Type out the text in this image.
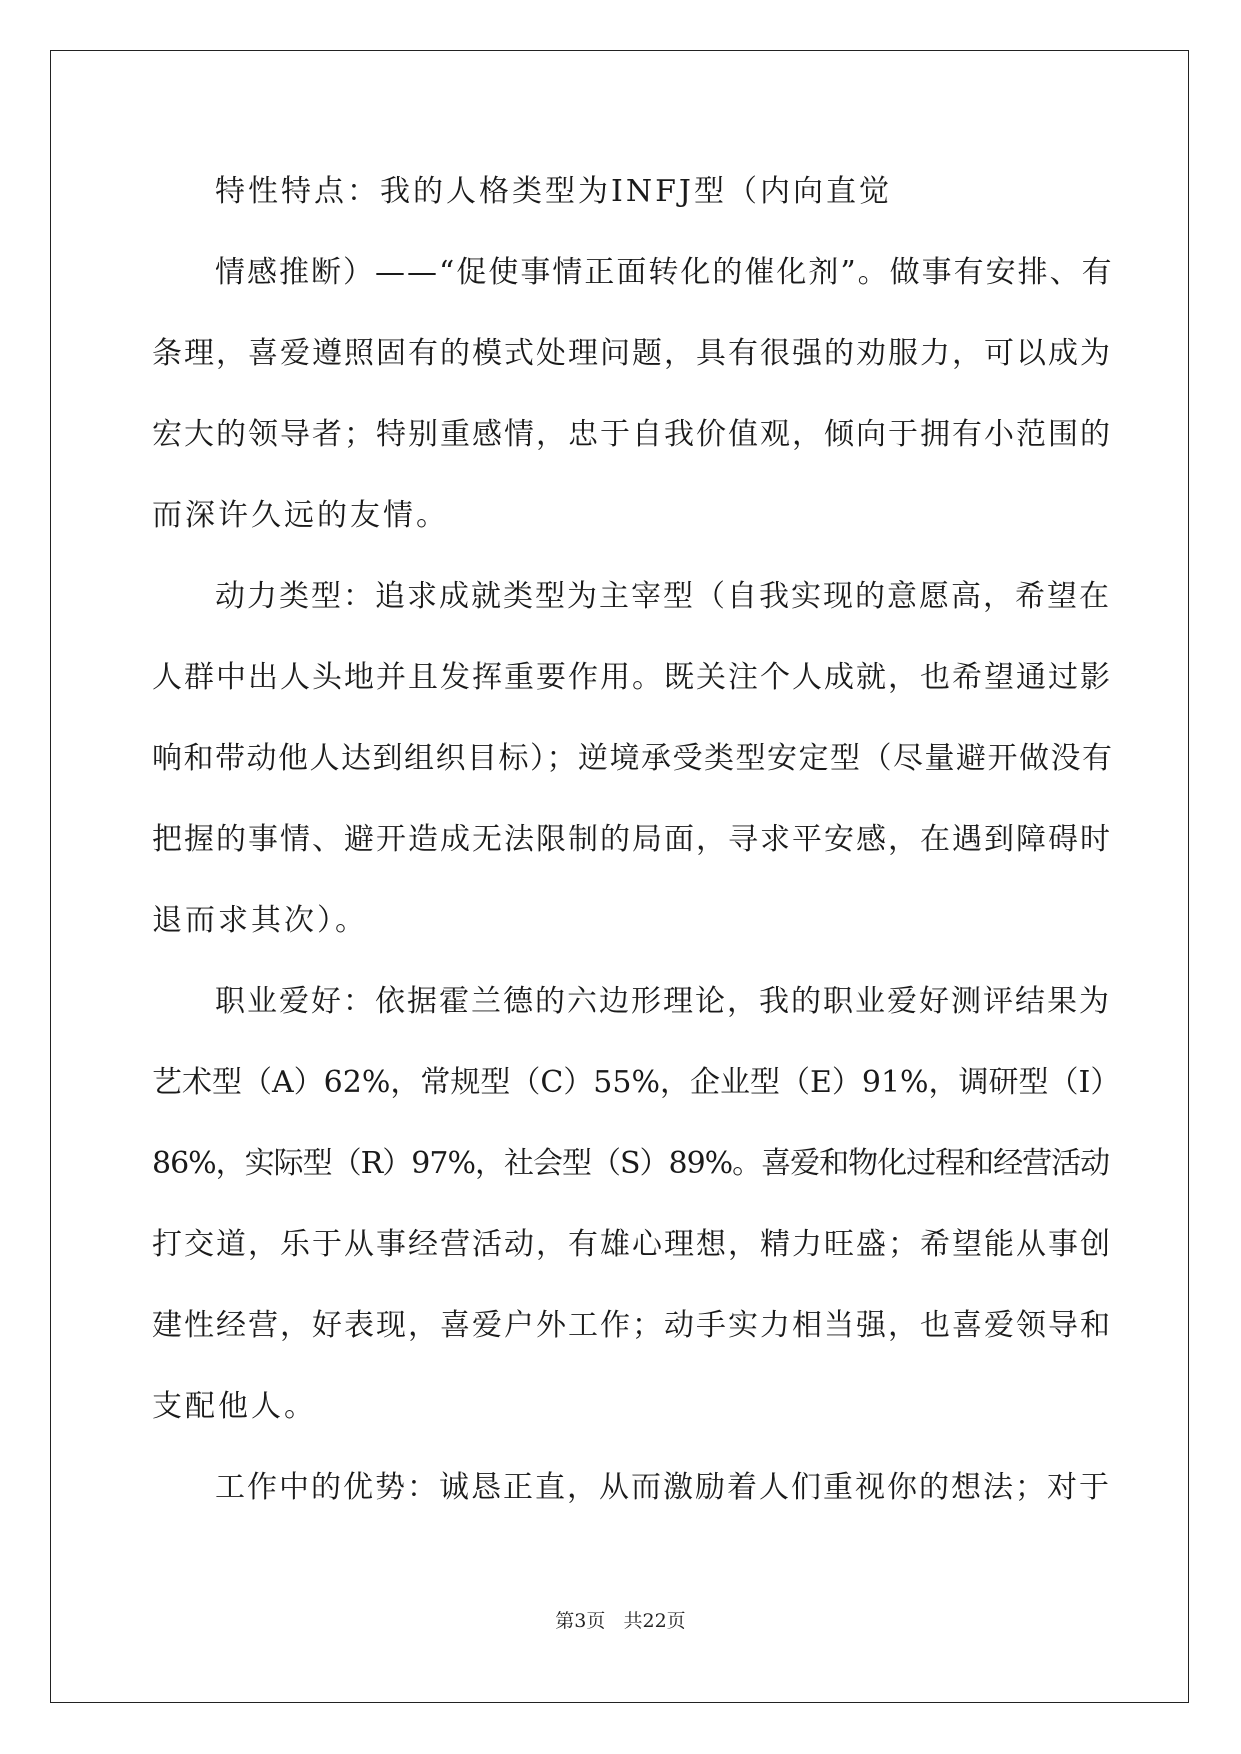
特性特点：我的人格类型为INFJ型（内向直觉
情感推断）——“促使事情正面转化的催化剂”。做事有安排、有
条理，喜爱遵照固有的模式处理问题，具有很强的劝服力，可以成为
宏大的领导者；特别重感情，忠于自我价值观，倾向于拥有小范围的
而深许久远的友情。
动力类型：追求成就类型为主宰型（自我实现的意愿高，希望在
人群中出人头地并且发挥重要作用。既关注个人成就，也希望通过影
响和带动他人达到组织目标）；逆境承受类型安定型（尽量避开做没有
把握的事情、避开造成无法限制的局面，寻求平安感，在遇到障碍时
退而求其次）。
职业爱好：依据霍兰德的六边形理论，我的职业爱好测评结果为
艺术型（A）62%，常规型（C）55%，企业型（E）91%，调研型（I）
86%，实际型（R）97%，社会型（S）89%。喜爱和物化过程和经营活动
打交道，乐于从事经营活动，有雄心理想，精力旺盛；希望能从事创
建性经营，好表现，喜爱户外工作；动手实力相当强，也喜爱领导和
支配他人。
工作中的优势：诚恳正直，从而激励着人们重视你的想法；对于
第3页   共22页
